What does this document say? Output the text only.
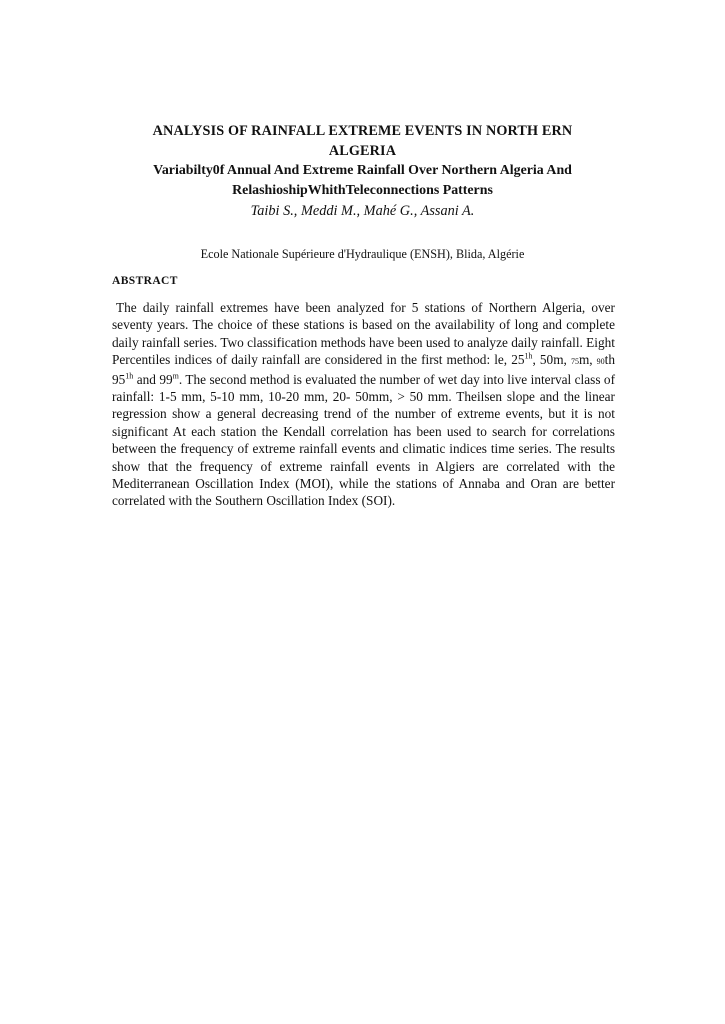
ANALYSIS OF RAINFALL EXTREME EVENTS IN NORTH ERN
ALGERIA
Variabilty0f Annual And Extreme Rainfall Over Northern Algeria And
RelashioshipWhithTeleconnections Patterns
Taibi S., Meddi M., Mahé G., Assani A.
Ecole Nationale Supérieure d'Hydraulique (ENSH), Blida, Algérie
ABSTRACT

The daily rainfall extremes have been analyzed for 5 stations of Northern Algeria, over seventy years. The choice of these stations is based on the availability of long and complete daily rainfall series. Two classification methods have been used to analyze daily rainfall. Eight Percentiles indices of daily rainfall are considered in the first method: le, $25^{1h}$, 50m, 75m, 90th $95^{1h}$ and 99$^m$. The second method is evaluated the number of wet day into live interval class of rainfall: 1-5 mm, 5-10 mm, 10-20 mm, 20- 50mm, > 50 mm. Theilsen slope and the linear regression show a general decreasing trend of the number of extreme events, but it is not significant At each station the Kendall correlation has been used to search for correlations between the frequency of extreme rainfall events and climatic indices time series. The results show that the frequency of extreme rainfall events in Algiers are correlated with the Mediterranean Oscillation Index (MOI), while the stations of Annaba and Oran are better correlated with the Southern Oscillation Index (SOI).
